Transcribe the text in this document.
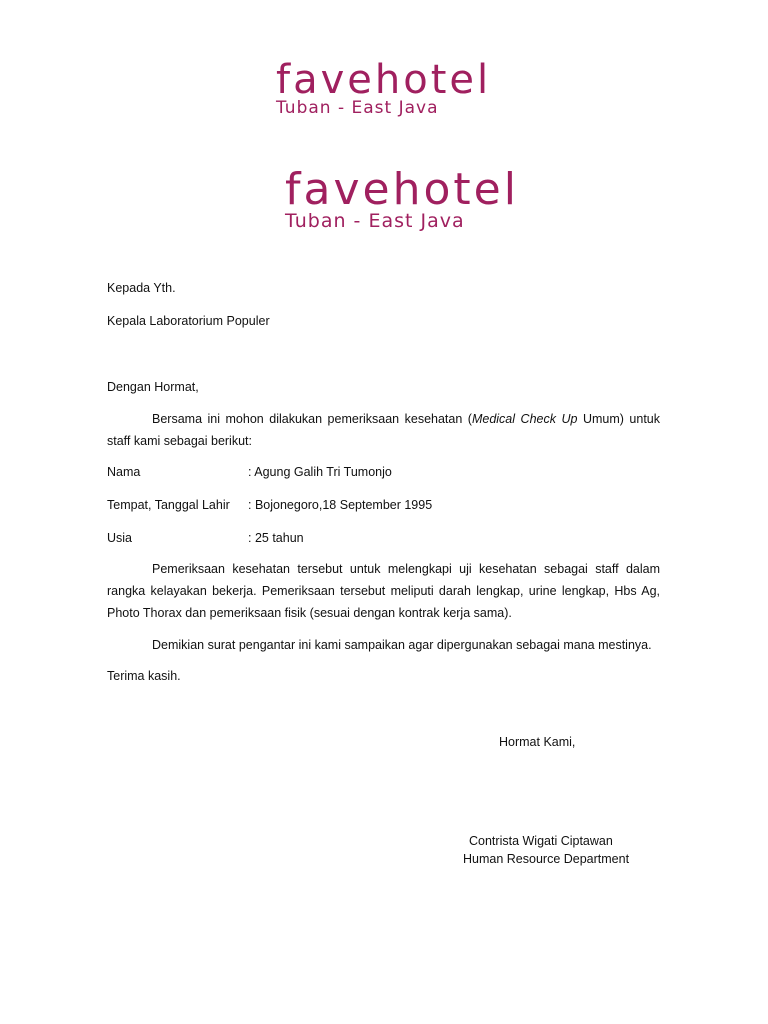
favehotel
Tuban - East Java
favehotel
Tuban - East Java
Kepada Yth.
Kepala Laboratorium Populer
Dengan Hormat,
Bersama ini mohon dilakukan pemeriksaan kesehatan (Medical Check Up Umum) untuk staff kami sebagai berikut:
Nama	: Agung Galih Tri Tumonjo
Tempat, Tanggal Lahir : Bojonegoro,18 September 1995
Usia	: 25 tahun
Pemeriksaan kesehatan tersebut untuk melengkapi uji kesehatan sebagai staff dalam rangka kelayakan bekerja. Pemeriksaan tersebut meliputi darah lengkap, urine lengkap, Hbs Ag, Photo Thorax dan pemeriksaan fisik (sesuai dengan kontrak kerja sama).
Demikian surat pengantar ini kami sampaikan agar dipergunakan sebagai mana mestinya.
Terima kasih.
Hormat Kami,
Contrista Wigati Ciptawan
Human Resource Department
